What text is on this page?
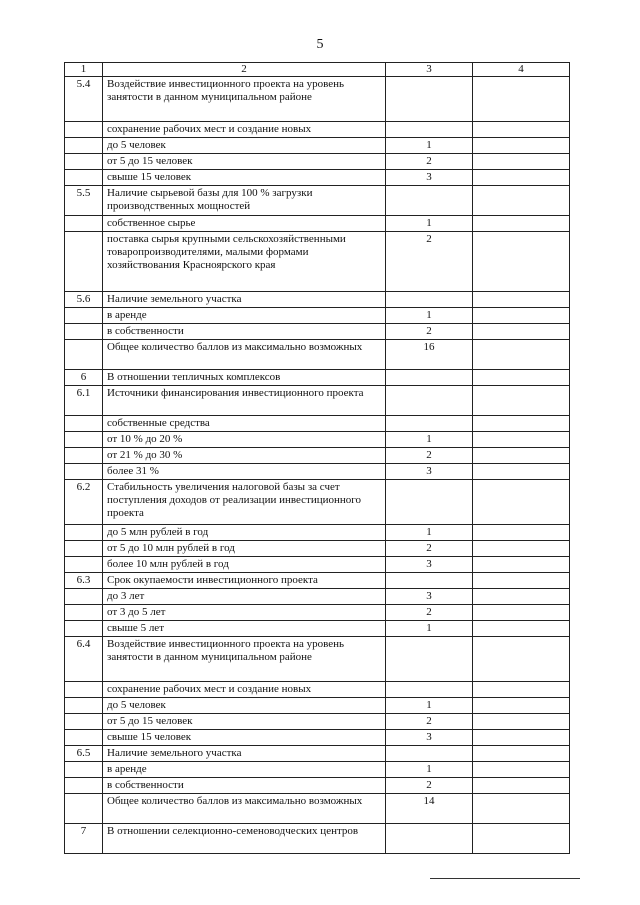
5
1	2	3	4
5.4	Воздействие инвестиционного проекта на уровень занятости в данном муниципальном районе		
	сохранение рабочих мест и создание новых		
	до 5 человек	1	
	от 5 до 15 человек	2	
	свыше 15 человек	3	
5.5	Наличие сырьевой базы для 100 % загрузки производственных мощностей		
	собственное сырье	1	
	поставка сырья крупными сельскохозяйственными товаропроизводителями, малыми формами хозяйствования Красноярского края	2	
5.6	Наличие земельного участка		
	в аренде	1	
	в собственности	2	
	Общее количество баллов из максимально возможных	16	
6	В отношении тепличных комплексов		
6.1	Источники финансирования инвестиционного проекта		
	собственные средства		
	от 10 % до 20 %	1	
	от 21 % до 30 %	2	
	более 31 %	3	
6.2	Стабильность увеличения налоговой базы за счет поступления доходов от реализации инвестиционного проекта		
	до 5 млн рублей в год	1	
	от 5 до 10 млн рублей в год	2	
	более 10 млн рублей в год	3	
6.3	Срок окупаемости инвестиционного проекта		
	до 3 лет	3	
	от 3 до 5 лет	2	
	свыше 5 лет	1	
6.4	Воздействие инвестиционного проекта на уровень занятости в данном муниципальном районе		
	сохранение рабочих мест и создание новых		
	до 5 человек	1	
	от 5 до 15 человек	2	
	свыше 15 человек	3	
6.5	Наличие земельного участка		
	в аренде	1	
	в собственности	2	
	Общее количество баллов из максимально возможных	14	
7	В отношении селекционно-семеноводческих центров		
